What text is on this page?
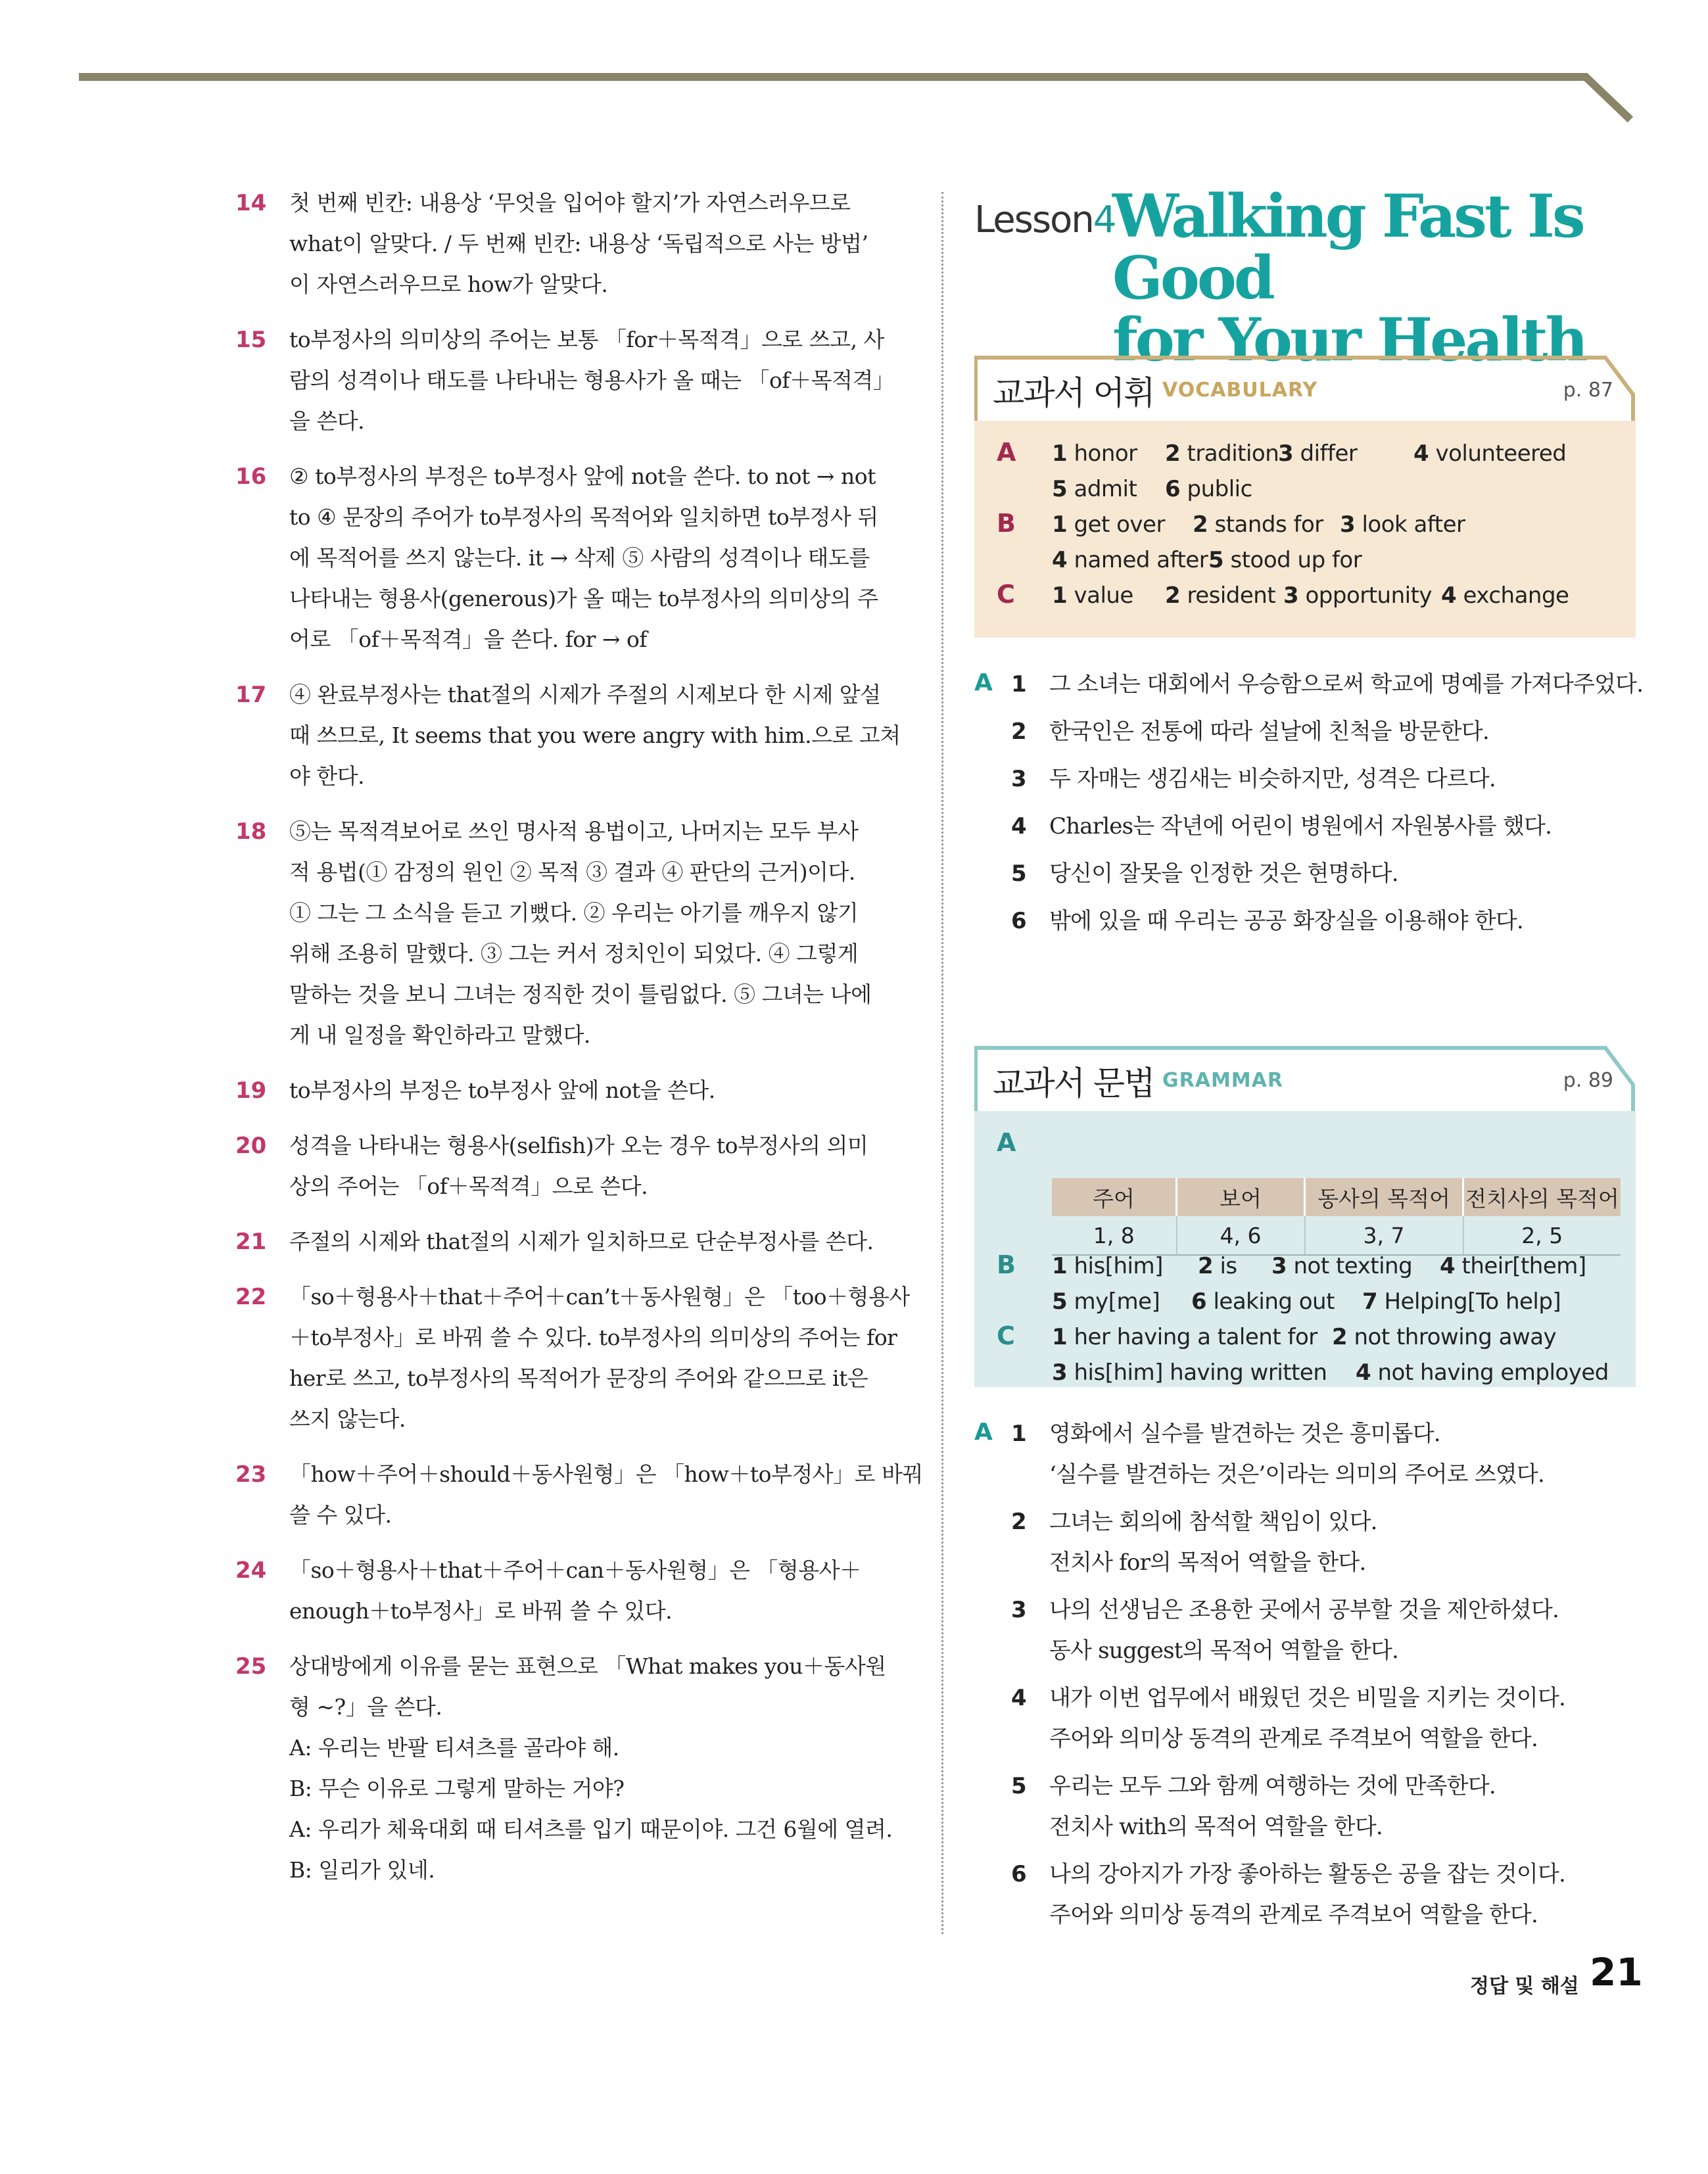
14	첫 번째 빈칸: 내용상 ‘무엇을 입어야 할지’가 자연스러우므로
what이 알맞다. / 두 번째 빈칸: 내용상 ‘독립적으로 사는 방법’
이 자연스러우므로 how가 알맞다.
15	to부정사의 의미상의 주어는 보통 「for＋목적격」으로 쓰고, 사
람의 성격이나 태도를 나타내는 형용사가 올 때는 「of＋목적격」
을 쓴다.
16	② to부정사의 부정은 to부정사 앞에 not을 쓴다. to not → not
to ④ 문장의 주어가 to부정사의 목적어와 일치하면 to부정사 뒤
에 목적어를 쓰지 않는다. it → 삭제 ⑤ 사람의 성격이나 태도를
나타내는 형용사(generous)가 올 때는 to부정사의 의미상의 주
어로 「of＋목적격」을 쓴다. for → of
17	④ 완료부정사는 that절의 시제가 주절의 시제보다 한 시제 앞설
때 쓰므로, It seems that you were angry with him.으로 고쳐
야 한다.
18	⑤는 목적격보어로 쓰인 명사적 용법이고, 나머지는 모두 부사
적 용법(① 감정의 원인 ② 목적 ③ 결과 ④ 판단의 근거)이다.
① 그는 그 소식을 듣고 기뻤다. ② 우리는 아기를 깨우지 않기
위해 조용히 말했다. ③ 그는 커서 정치인이 되었다. ④ 그렇게
말하는 것을 보니 그녀는 정직한 것이 틀림없다. ⑤ 그녀는 나에
게 내 일정을 확인하라고 말했다.
19	to부정사의 부정은 to부정사 앞에 not을 쓴다.
20	성격을 나타내는 형용사(selfish)가 오는 경우 to부정사의 의미
상의 주어는 「of＋목적격」으로 쓴다.
21	주절의 시제와 that절의 시제가 일치하므로 단순부정사를 쓴다.
22	「so＋형용사＋that＋주어＋can’t＋동사원형」은 「too＋형용사
＋to부정사」로 바꿔 쓸 수 있다. to부정사의 의미상의 주어는 for
her로 쓰고, to부정사의 목적어가 문장의 주어와 같으므로 it은
쓰지 않는다.
23	「how＋주어＋should＋동사원형」은 「how＋to부정사」로 바꿔
쓸 수 있다.
24	「so＋형용사＋that＋주어＋can＋동사원형」은 「형용사＋
enough＋to부정사」로 바꿔 쓸 수 있다.
25	상대방에게 이유를 묻는 표현으로 「What makes you＋동사원
형 ~?」을 쓴다.
A: 우리는 반팔 티셔츠를 골라야 해.
B: 무슨 이유로 그렇게 말하는 거야?
A: 우리가 체육대회 때 티셔츠를 입기 때문이야. 그건 6월에 열려.
B: 일리가 있네.
Lesson4
Walking Fast Is Good
for Your Health
교과서 어휘 VOCABULARY	p. 87
A 1 honor 2 tradition
3 differ	4 volunteered
5 admit 6 public
B 1 get over 2 stands for 3 look after
4 named after 5 stood up for
C 1 value 2 resident 3 opportunity 4 exchange
A 1	그 소녀는 대회에서 우승함으로써 학교에 명예를 가져다주었다.
2	한국인은 전통에 따라 설날에 친척을 방문한다.
3	두 자매는 생김새는 비슷하지만, 성격은 다르다.
4	Charles는 작년에 어린이 병원에서 자원봉사를 했다.
5	당신이 잘못을 인정한 것은 현명하다.
6	밖에 있을 때 우리는 공공 화장실을 이용해야 한다.
교과서 문법 GRAMMAR	p. 89
A
주어	보어	동사의 목적어	전치사의 목적어
1, 8	4, 6	3, 7	2, 5
B 1 his[him] 2 is 3 not texting 4 their[them]
5 my[me] 6 leaking out 7 Helping[To help]
C 1 her having a talent for 2 not throwing away
3 his[him] having written 4 not having employed
A 1	영화에서 실수를 발견하는 것은 흥미롭다.
‘실수를 발견하는 것은’이라는 의미의 주어로 쓰였다.
2	그녀는 회의에 참석할 책임이 있다.
전치사 for의 목적어 역할을 한다.
3	나의 선생님은 조용한 곳에서 공부할 것을 제안하셨다.
동사 suggest의 목적어 역할을 한다.
4	내가 이번 업무에서 배웠던 것은 비밀을 지키는 것이다.
주어와 의미상 동격의 관계로 주격보어 역할을 한다.
5	우리는 모두 그와 함께 여행하는 것에 만족한다.
전치사 with의 목적어 역할을 한다.
6	나의 강아지가 가장 좋아하는 활동은 공을 잡는 것이다.
주어와 의미상 동격의 관계로 주격보어 역할을 한다.
정답 및 해설 21
